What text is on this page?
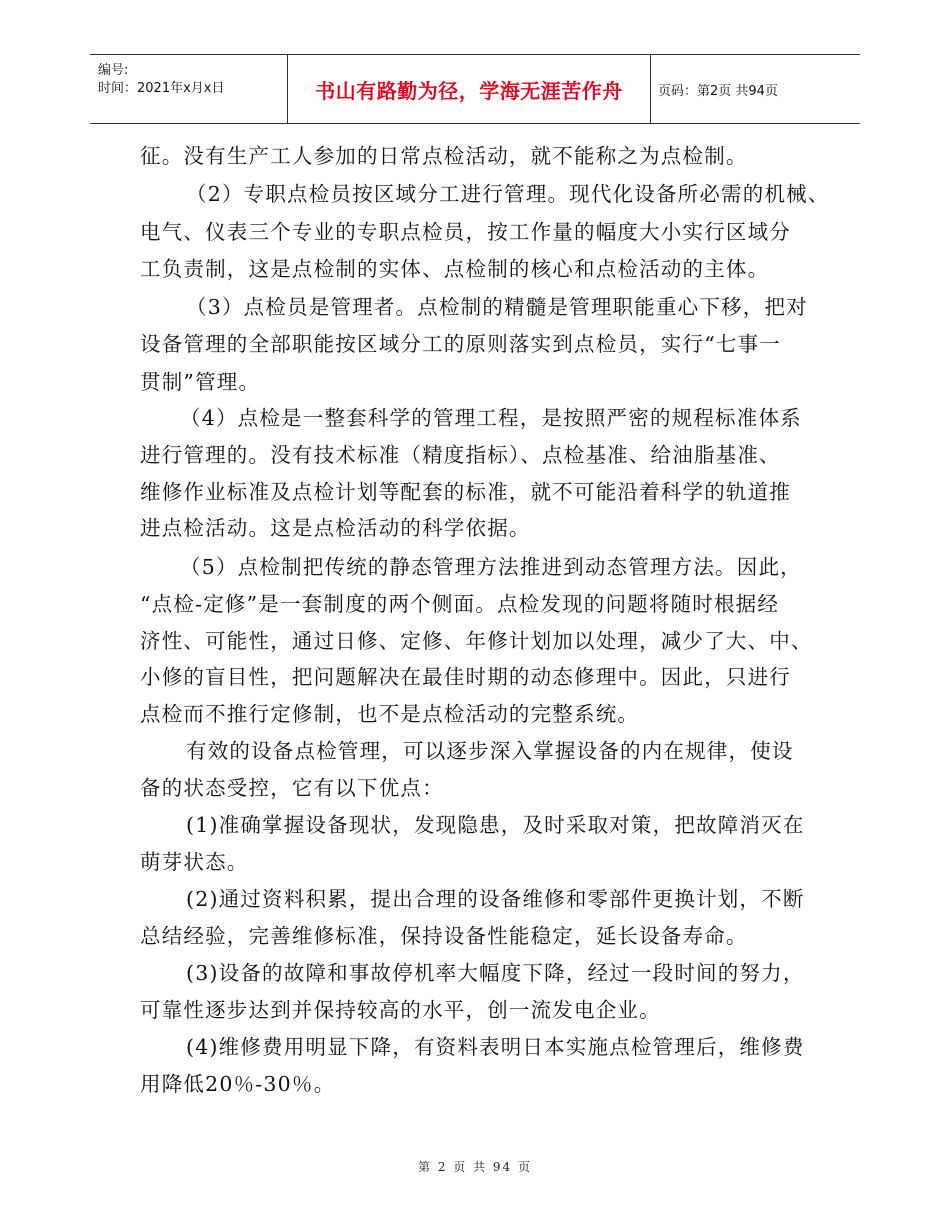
编号:
时间：2021年x月x日	书山有路勤为径，学海无涯苦作舟	页码：第2页 共94页
征。没有生产工人参加的日常点检活动，就不能称之为点检制。
（2）专职点检员按区域分工进行管理。现代化设备所必需的机械、
电气、仪表三个专业的专职点检员，按工作量的幅度大小实行区域分
工负责制，这是点检制的实体、点检制的核心和点检活动的主体。
（3）点检员是管理者。点检制的精髓是管理职能重心下移，把对
设备管理的全部职能按区域分工的原则落实到点检员，实行“七事一
贯制”管理。
（4）点检是一整套科学的管理工程，是按照严密的规程标准体系
进行管理的。没有技术标准（精度指标）、点检基准、给油脂基准、
维修作业标准及点检计划等配套的标准，就不可能沿着科学的轨道推
进点检活动。这是点检活动的科学依据。
（5）点检制把传统的静态管理方法推进到动态管理方法。因此，
“点检-定修”是一套制度的两个侧面。点检发现的问题将随时根据经
济性、可能性，通过日修、定修、年修计划加以处理，减少了大、中、
小修的盲目性，把问题解决在最佳时期的动态修理中。因此，只进行
点检而不推行定修制，也不是点检活动的完整系统。
有效的设备点检管理，可以逐步深入掌握设备的内在规律，使设
备的状态受控，它有以下优点：
(1)准确掌握设备现状，发现隐患，及时采取对策，把故障消灭在
萌芽状态。
(2)通过资料积累，提出合理的设备维修和零部件更换计划，不断
总结经验，完善维修标准，保持设备性能稳定，延长设备寿命。
(3)设备的故障和事故停机率大幅度下降，经过一段时间的努力，
可靠性逐步达到并保持较高的水平，创一流发电企业。
(4)维修费用明显下降，有资料表明日本实施点检管理后，维修费
用降低20％-30％。
第 2 页 共 94 页
